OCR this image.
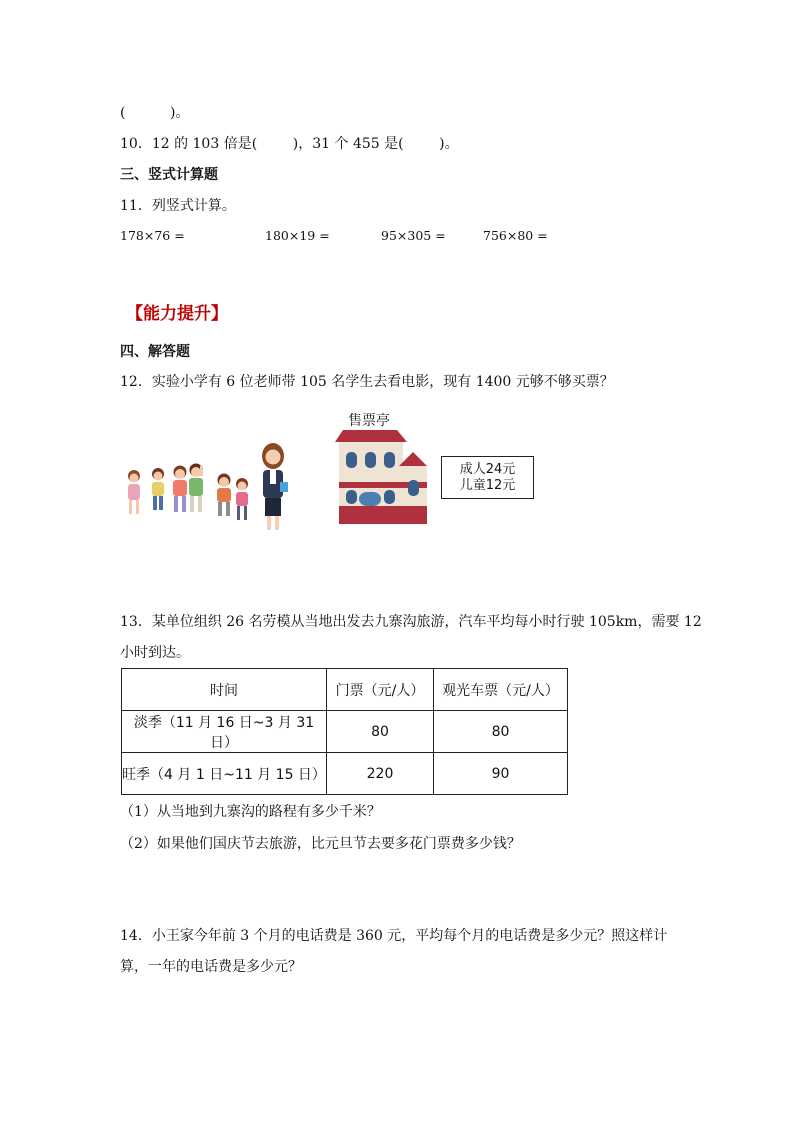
(          )。
10．12 的 103 倍是(        )，31 个 455 是(        )。
三、竖式计算题
11．列竖式计算。
178×76 =	180×19 =	95×305 =	756×80 =
【能力提升】
四、解答题
12．实验小学有 6 位老师带 105 名学生去看电影，现有 1400 元够不够买票？
售票亭
成人24元
儿童12元
13．某单位组织 26 名劳模从当地出发去九寨沟旅游，汽车平均每小时行驶 105km，需要 12
小时到达。
时间	门票（元/人）	观光车票（元/人）
淡季（11 月 16 日~3 月 31 日）	80	80
旺季（4 月 1 日~11 月 15 日）	220	90
（1）从当地到九寨沟的路程有多少千米？
（2）如果他们国庆节去旅游，比元旦节去要多花门票费多少钱？
14．小王家今年前 3 个月的电话费是 360 元，平均每个月的电话费是多少元？照这样计
算，一年的电话费是多少元？
